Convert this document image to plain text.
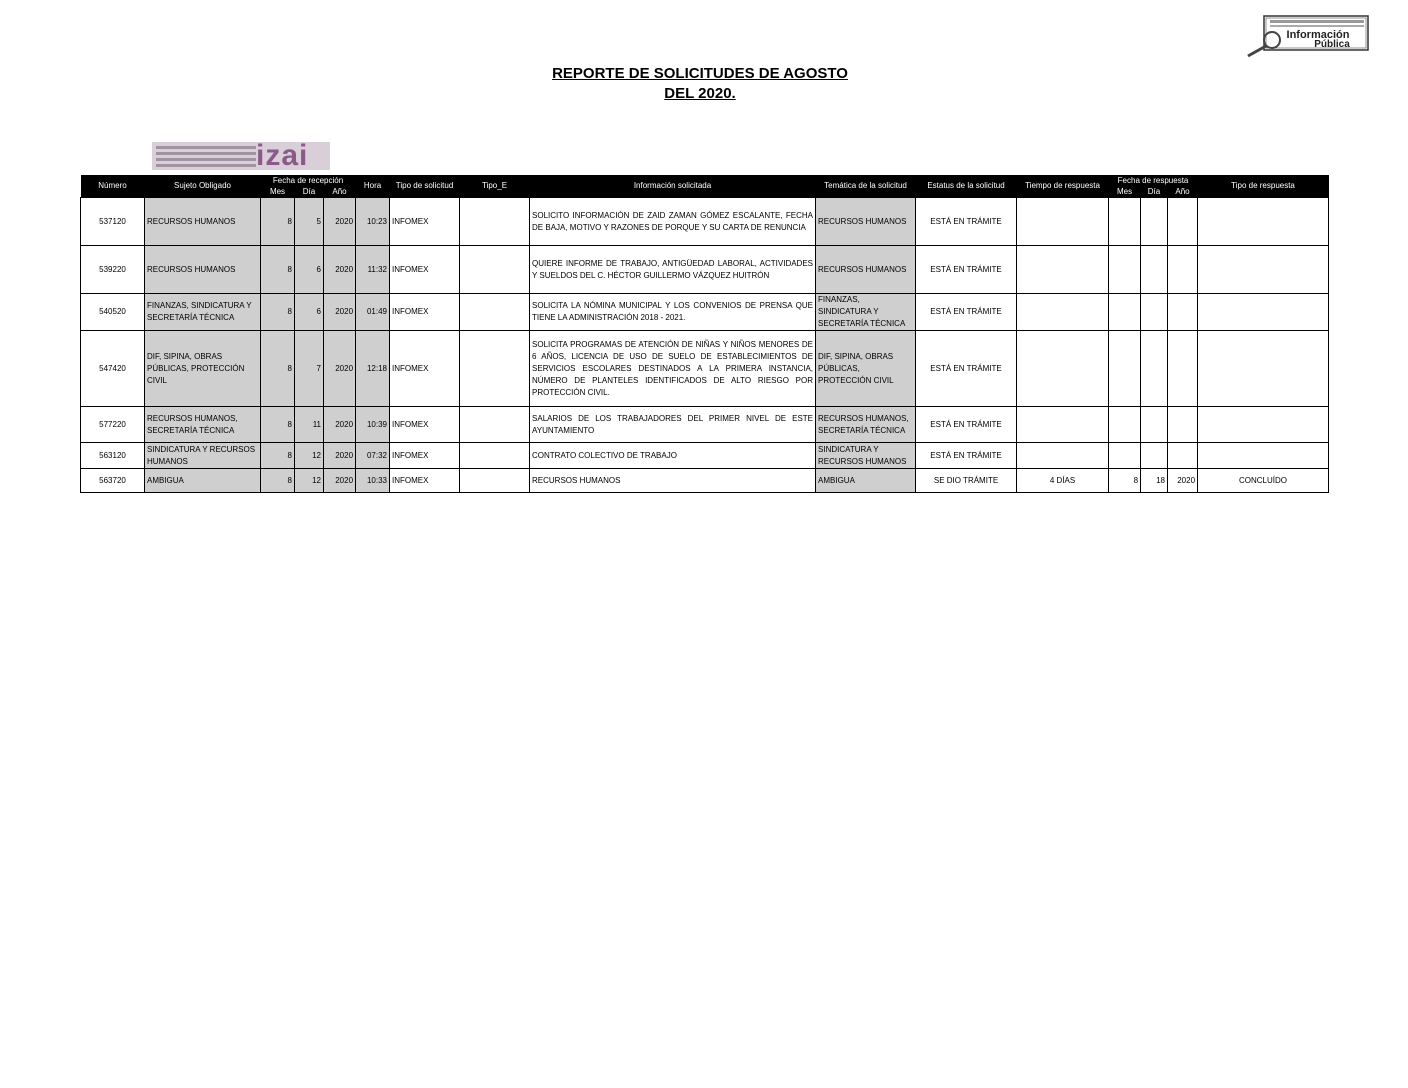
Información
Pública
REPORTE DE SOLICITUDES DE AGOSTO
DEL 2020.
izai
Número	Sujeto Obligado	Fecha de recepción			Hora	Tipo de solicitud	Tipo_E	Información solicitada	Temática de la solicitud	Estatus de la solicitud	Tiempo de respuesta	Fecha de respuesta			Tipo de respuesta
		Mes	Día	Año								Mes	Día	Año	
537120	RECURSOS HUMANOS	8	5	2020	10:23	INFOMEX		SOLICITO INFORMACIÓN DE ZAID ZAMAN GÓMEZ ESCALANTE, FECHA DE BAJA, MOTIVO Y RAZONES DE PORQUE Y SU CARTA DE RENUNCIA	RECURSOS HUMANOS	ESTÁ EN TRÁMITE					
539220	RECURSOS HUMANOS	8	6	2020	11:32	INFOMEX		QUIERE INFORME DE TRABAJO, ANTIGÜEDAD LABORAL, ACTIVIDADES Y SUELDOS DEL C. HÉCTOR GUILLERMO VÁZQUEZ HUITRÓN	RECURSOS HUMANOS	ESTÁ EN TRÁMITE					
540520	FINANZAS, SINDICATURA Y SECRETARÍA TÉCNICA	8	6	2020	01:49	INFOMEX		SOLICITA LA NÓMINA MUNICIPAL Y LOS CONVENIOS DE PRENSA QUE TIENE LA ADMINISTRACIÓN 2018 - 2021.	FINANZAS, SINDICATURA Y SECRETARÍA TÉCNICA	ESTÁ EN TRÁMITE					
547420	DIF, SIPINA, OBRAS PÚBLICAS, PROTECCIÓN CIVIL	8	7	2020	12:18	INFOMEX		SOLICITA PROGRAMAS DE ATENCIÓN DE NIÑAS Y NIÑOS MENORES DE 6 AÑOS, LICENCIA DE USO DE SUELO DE ESTABLECIMIENTOS DE SERVICIOS ESCOLARES DESTINADOS A LA PRIMERA INSTANCIA, NÚMERO DE PLANTELES IDENTIFICADOS DE ALTO RIESGO POR PROTECCIÓN CIVIL.	DIF, SIPINA, OBRAS PÚBLICAS, PROTECCIÓN CIVIL	ESTÁ EN TRÁMITE					
577220	RECURSOS HUMANOS, SECRETARÍA TÉCNICA	8	11	2020	10:39	INFOMEX		SALARIOS DE LOS TRABAJADORES DEL PRIMER NIVEL DE ESTE AYUNTAMIENTO	RECURSOS HUMANOS, SECRETARÍA TÉCNICA	ESTÁ EN TRÁMITE					
563120	SINDICATURA Y RECURSOS HUMANOS	8	12	2020	07:32	INFOMEX		CONTRATO COLECTIVO DE TRABAJO	SINDICATURA Y RECURSOS HUMANOS	ESTÁ EN TRÁMITE					
563720	AMBIGUA	8	12	2020	10:33	INFOMEX		RECURSOS HUMANOS	AMBIGUA	SE DIO TRÁMITE	4 DÍAS	8	18	2020	CONCLUÍDO
